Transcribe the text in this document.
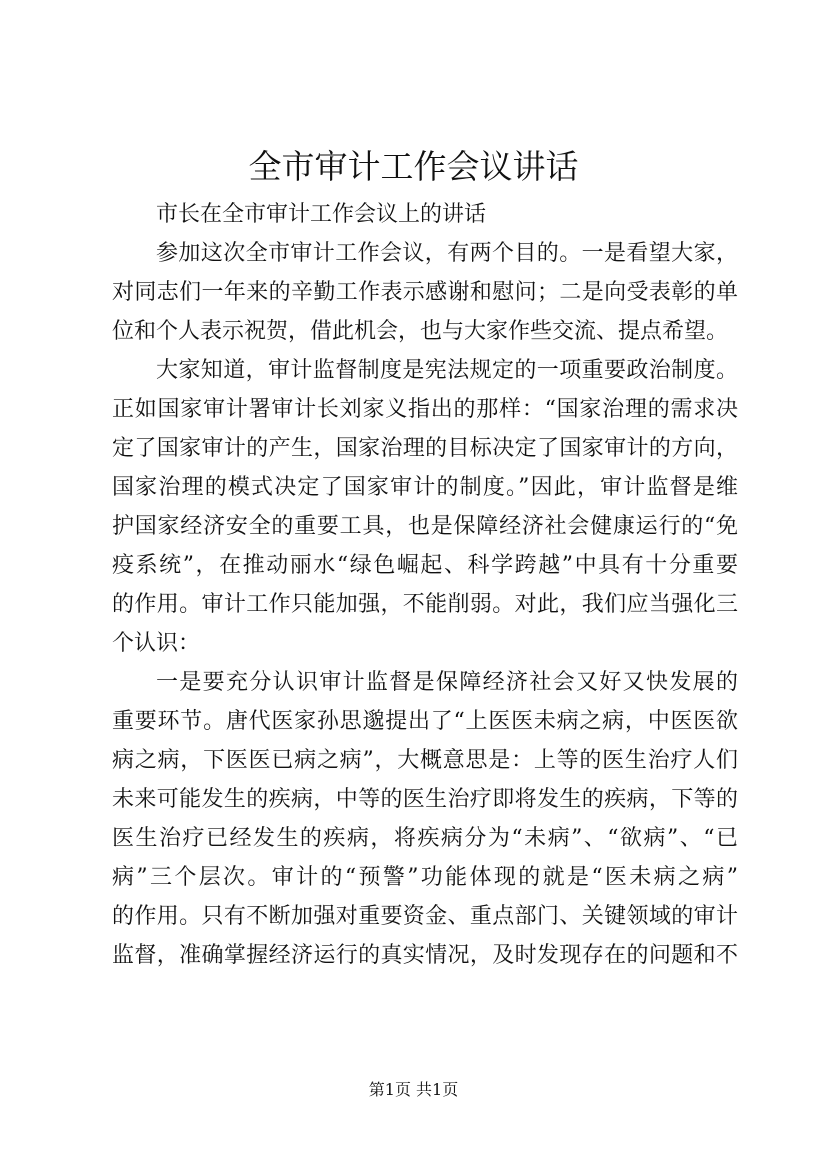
全市审计工作会议讲话
市长在全市审计工作会议上的讲话
参加这次全市审计工作会议，有两个目的。一是看望大家，
对同志们一年来的辛勤工作表示感谢和慰问；二是向受表彰的单
位和个人表示祝贺，借此机会，也与大家作些交流、提点希望。
大家知道，审计监督制度是宪法规定的一项重要政治制度。
正如国家审计署审计长刘家义指出的那样：“国家治理的需求决
定了国家审计的产生，国家治理的目标决定了国家审计的方向，
国家治理的模式决定了国家审计的制度。”因此，审计监督是维
护国家经济安全的重要工具，也是保障经济社会健康运行的“免
疫系统”，在推动丽水“绿色崛起、科学跨越”中具有十分重要
的作用。审计工作只能加强，不能削弱。对此，我们应当强化三
个认识：
一是要充分认识审计监督是保障经济社会又好又快发展的
重要环节。唐代医家孙思邈提出了“上医医未病之病，中医医欲
病之病，下医医已病之病”，大概意思是：上等的医生治疗人们
未来可能发生的疾病，中等的医生治疗即将发生的疾病，下等的
医生治疗已经发生的疾病，将疾病分为“未病”、“欲病”、“已
病”三个层次。审计的“预警”功能体现的就是“医未病之病”
的作用。只有不断加强对重要资金、重点部门、关键领域的审计
监督，准确掌握经济运行的真实情况，及时发现存在的问题和不
第1页 共1页
